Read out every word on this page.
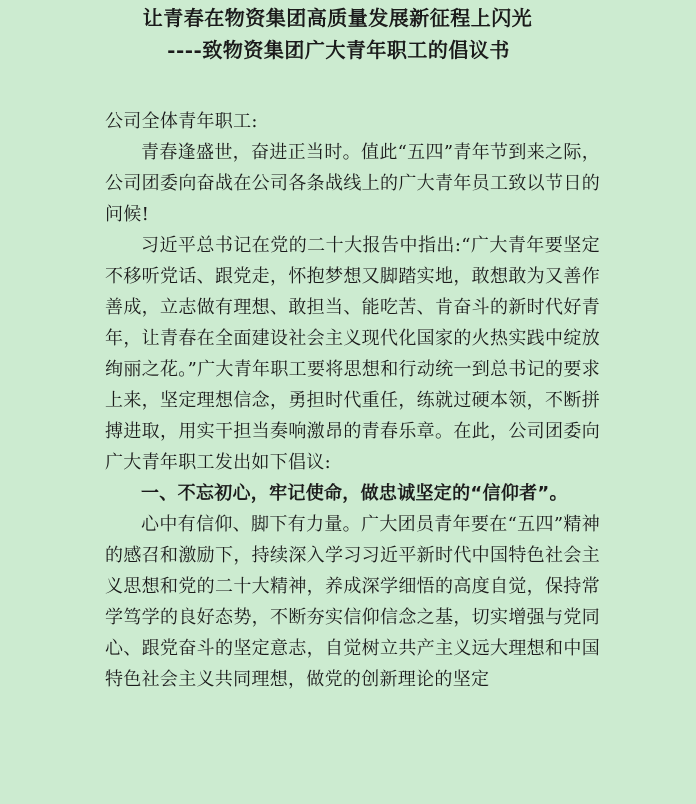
让青春在物资集团高质量发展新征程上闪光
----致物资集团广大青年职工的倡议书

公司全体青年职工:

青春逢盛世，奋进正当时。值此“五四”青年节到来之际，公司团委向奋战在公司各条战线上的广大青年员工致以节日的问候!

习近平总书记在党的二十大报告中指出:“广大青年要坚定不移听党话、跟党走，怀抱梦想又脚踏实地，敢想敢为又善作善成，立志做有理想、敢担当、能吃苦、肯奋斗的新时代好青年，让青春在全面建设社会主义现代化国家的火热实践中绽放绚丽之花。”广大青年职工要将思想和行动统一到总书记的要求上来，坚定理想信念，勇担时代重任，练就过硬本领，不断拼搏进取，用实干担当奏响激昂的青春乐章。在此，公司团委向广大青年职工发出如下倡议:

一、不忘初心，牢记使命，做忠诚坚定的“信仰者”。

心中有信仰、脚下有力量。广大团员青年要在“五四”精神的感召和激励下，持续深入学习习近平新时代中国特色社会主义思想和党的二十大精神，养成深学细悟的高度自觉，保持常学笃学的良好态势，不断夯实信仰信念之基，切实增强与党同心、跟党奋斗的坚定意志，自觉树立共产主义远大理想和中国特色社会主义共同理想，做党的创新理论的坚定
